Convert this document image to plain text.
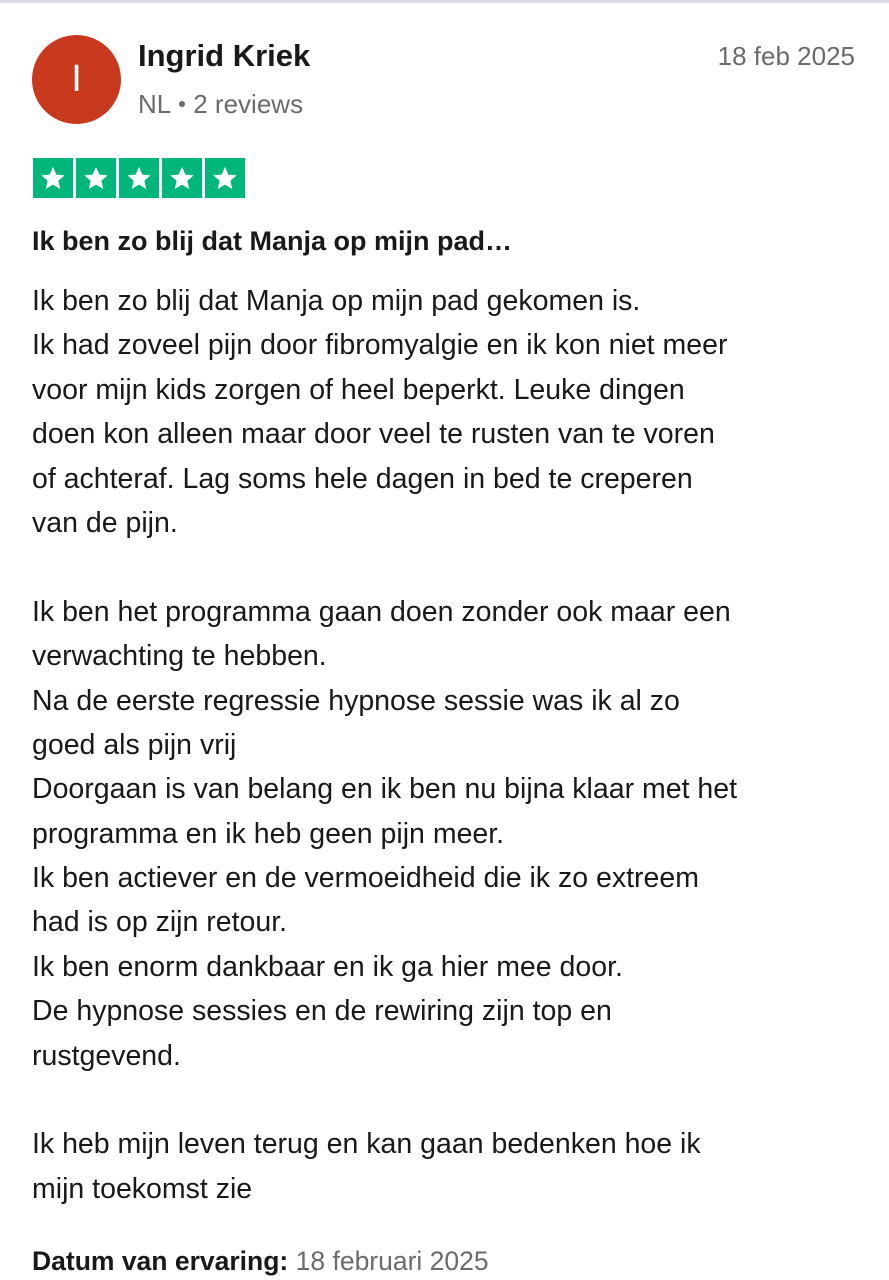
I
Ingrid Kriek
NL 2 reviews
18 feb 2025
Ik ben zo blij dat Manja op mijn pad…
Ik ben zo blij dat Manja op mijn pad gekomen is.
Ik had zoveel pijn door fibromyalgie en ik kon niet meer
voor mijn kids zorgen of heel beperkt. Leuke dingen
doen kon alleen maar door veel te rusten van te voren
of achteraf. Lag soms hele dagen in bed te creperen
van de pijn.
Ik ben het programma gaan doen zonder ook maar een
verwachting te hebben.
Na de eerste regressie hypnose sessie was ik al zo
goed als pijn vrij
Doorgaan is van belang en ik ben nu bijna klaar met het
programma en ik heb geen pijn meer.
Ik ben actiever en de vermoeidheid die ik zo extreem
had is op zijn retour.
Ik ben enorm dankbaar en ik ga hier mee door.
De hypnose sessies en de rewiring zijn top en
rustgevend.
Ik heb mijn leven terug en kan gaan bedenken hoe ik
mijn toekomst zie
Datum van ervaring: 18 februari 2025
